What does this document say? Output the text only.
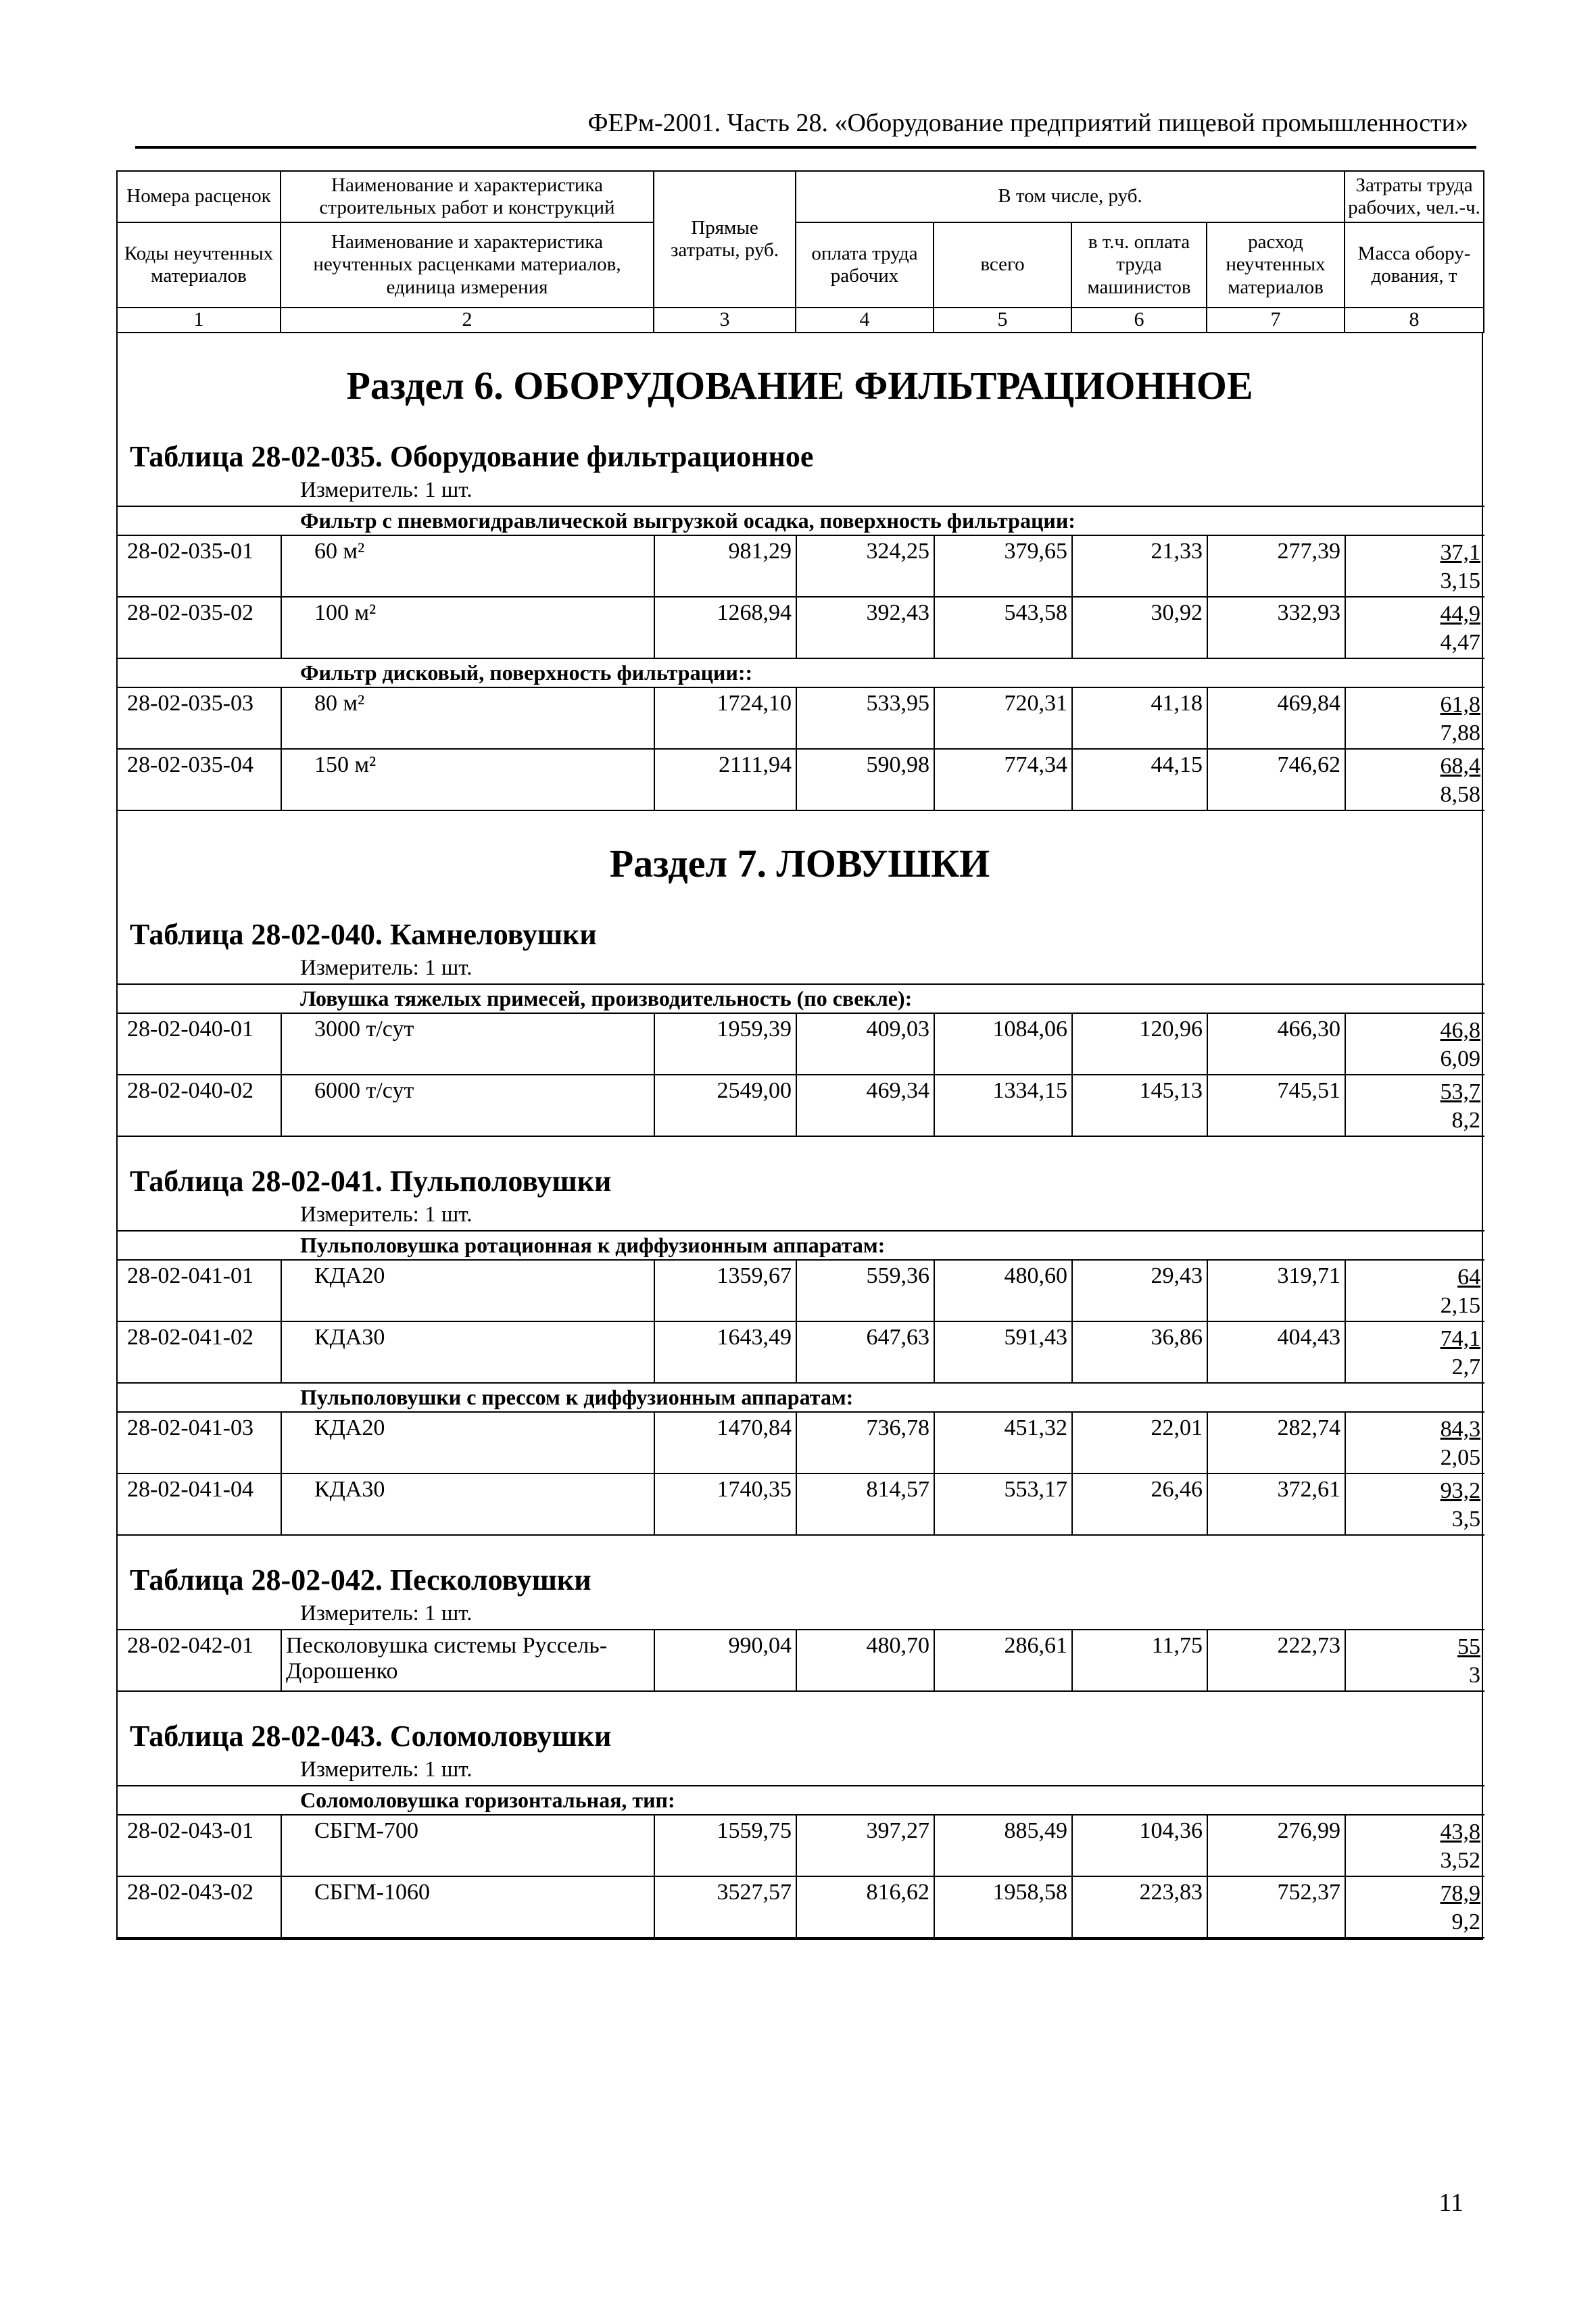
ФЕРм-2001. Часть 28. «Оборудование предприятий пищевой промышленности»
Номера расценок	Наименование и характеристика строительных работ и конструкций	Прямые затраты, руб.	В том числе, руб.				Затраты труда рабочих, чел.-ч.
Коды неучтенных материалов	Наименование и характеристика неучтенных расценками материалов, единица измерения		оплата труда рабочих	всего	в т.ч. оплата труда машинистов	расход неучтенных материалов	Масса обору-дования, т
1	2	3	4	5	6	7	8
Раздел 6. ОБОРУДОВАНИЕ ФИЛЬТРАЦИОННОЕ
Таблица 28-02-035. Оборудование фильтрационное
Измеритель: 1 шт.
Фильтр с пневмогидравлической выгрузкой осадка, поверхность фильтрации:							
28-02-035-01	60 м²	981,29	324,25	379,65	21,33	277,39	37,1
3,15
28-02-035-02	100 м²	1268,94	392,43	543,58	30,92	332,93	44,9
4,47
Фильтр дисковый, поверхность фильтрации::							
28-02-035-03	80 м²	1724,10	533,95	720,31	41,18	469,84	61,8
7,88
28-02-035-04	150 м²	2111,94	590,98	774,34	44,15	746,62	68,4
8,58
Раздел 7. ЛОВУШКИ
Таблица 28-02-040. Камнеловушки
Измеритель: 1 шт.
Ловушка тяжелых примесей, производительность (по свекле):							
28-02-040-01	3000 т/сут	1959,39	409,03	1084,06	120,96	466,30	46,8
6,09
28-02-040-02	6000 т/сут	2549,00	469,34	1334,15	145,13	745,51	53,7
8,2
Таблица 28-02-041. Пульполовушки
Измеритель: 1 шт.
Пульполовушка ротационная к диффузионным аппаратам:							
28-02-041-01	КДА20	1359,67	559,36	480,60	29,43	319,71	64
2,15
28-02-041-02	КДА30	1643,49	647,63	591,43	36,86	404,43	74,1
2,7
Пульполовушки с прессом к диффузионным аппаратам:							
28-02-041-03	КДА20	1470,84	736,78	451,32	22,01	282,74	84,3
2,05
28-02-041-04	КДА30	1740,35	814,57	553,17	26,46	372,61	93,2
3,5
Таблица 28-02-042. Песколовушки
Измеритель: 1 шт.
28-02-042-01	Песколовушка системы Руссель-Дорошенко	990,04	480,70	286,61	11,75	222,73	55
3
Таблица 28-02-043. Соломоловушки
Измеритель: 1 шт.
Соломоловушка горизонтальная, тип:							
28-02-043-01	СБГМ-700	1559,75	397,27	885,49	104,36	276,99	43,8
3,52
28-02-043-02	СБГМ-1060	3527,57	816,62	1958,58	223,83	752,37	78,9
9,2
11
